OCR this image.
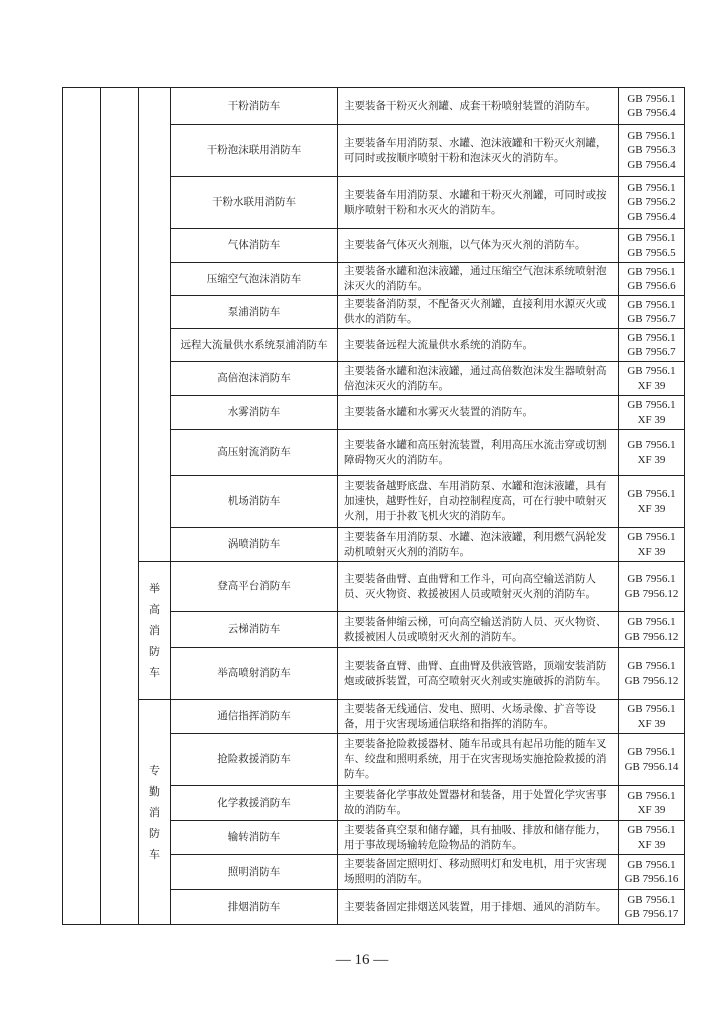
			干粉消防车	主要装备干粉灭火剂罐、成套干粉喷射装置的消防车。	GB 7956.1
GB 7956.4

			干粉泡沫联用消防车	主要装备车用消防泵、水罐、泡沫液罐和干粉灭火剂罐，可同时或按顺序喷射干粉和泡沫灭火的消防车。	GB 7956.1
GB 7956.3
GB 7956.4

			干粉水联用消防车	主要装备车用消防泵、水罐和干粉灭火剂罐，可同时或按顺序喷射干粉和水灭火的消防车。	GB 7956.1
GB 7956.2
GB 7956.4

			气体消防车	主要装备气体灭火剂瓶，以气体为灭火剂的消防车。	GB 7956.1
GB 7956.5

			压缩空气泡沫消防车	主要装备水罐和泡沫液罐，通过压缩空气泡沫系统喷射泡沫灭火的消防车。	GB 7956.1
GB 7956.6

			泵浦消防车	主要装备消防泵，不配备灭火剂罐，直接利用水源灭火或供水的消防车。	GB 7956.1
GB 7956.7

			远程大流量供水系统泵浦消防车	主要装备远程大流量供水系统的消防车。	GB 7956.1
GB 7956.7

			高倍泡沫消防车	主要装备水罐和泡沫液罐，通过高倍数泡沫发生器喷射高倍泡沫灭火的消防车。	GB 7956.1
XF 39

			水雾消防车	主要装备水罐和水雾灭火装置的消防车。	GB 7956.1
XF 39

			高压射流消防车	主要装备水罐和高压射流装置，利用高压水流击穿或切割障碍物灭火的消防车。	GB 7956.1
XF 39

			机场消防车	主要装备越野底盘、车用消防泵、水罐和泡沫液罐，具有加速快，越野性好，自动控制程度高，可在行驶中喷射灭火剂，用于扑救飞机火灾的消防车。	GB 7956.1
XF 39

			涡喷消防车	主要装备车用消防泵、水罐、泡沫液罐，利用燃气涡轮发动机喷射灭火剂的消防车。	GB 7956.1
XF 39

		举高消防车	登高平台消防车	主要装备曲臂、直曲臂和工作斗，可向高空输送消防人员、灭火物资、救援被困人员或喷射灭火剂的消防车。	GB 7956.1
GB 7956.12

			云梯消防车	主要装备伸缩云梯，可向高空输送消防人员、灭火物资、救援被困人员或喷射灭火剂的消防车。	GB 7956.1
GB 7956.12

			举高喷射消防车	主要装备直臂、曲臂、直曲臂及供液管路，顶端安装消防炮或破拆装置，可高空喷射灭火剂或实施破拆的消防车。	GB 7956.1
GB 7956.12

		专勤消防车	通信指挥消防车	主要装备无线通信、发电、照明、火场录像、扩音等设备，用于灾害现场通信联络和指挥的消防车。	GB 7956.1
XF 39

			抢险救援消防车	主要装备抢险救援器材、随车吊或具有起吊功能的随车叉车、绞盘和照明系统，用于在灾害现场实施抢险救援的消防车。	GB 7956.1
GB 7956.14

			化学救援消防车	主要装备化学事故处置器材和装备，用于处置化学灾害事故的消防车。	GB 7956.1
XF 39

			输转消防车	主要装备真空泵和储存罐，具有抽吸、排放和储存能力，用于事故现场输转危险物品的消防车。	GB 7956.1
XF 39

			照明消防车	主要装备固定照明灯、移动照明灯和发电机，用于灾害现场照明的消防车。	GB 7956.1
GB 7956.16

			排烟消防车	主要装备固定排烟送风装置，用于排烟、通风的消防车。	GB 7956.1
GB 7956.17
— 16 —
